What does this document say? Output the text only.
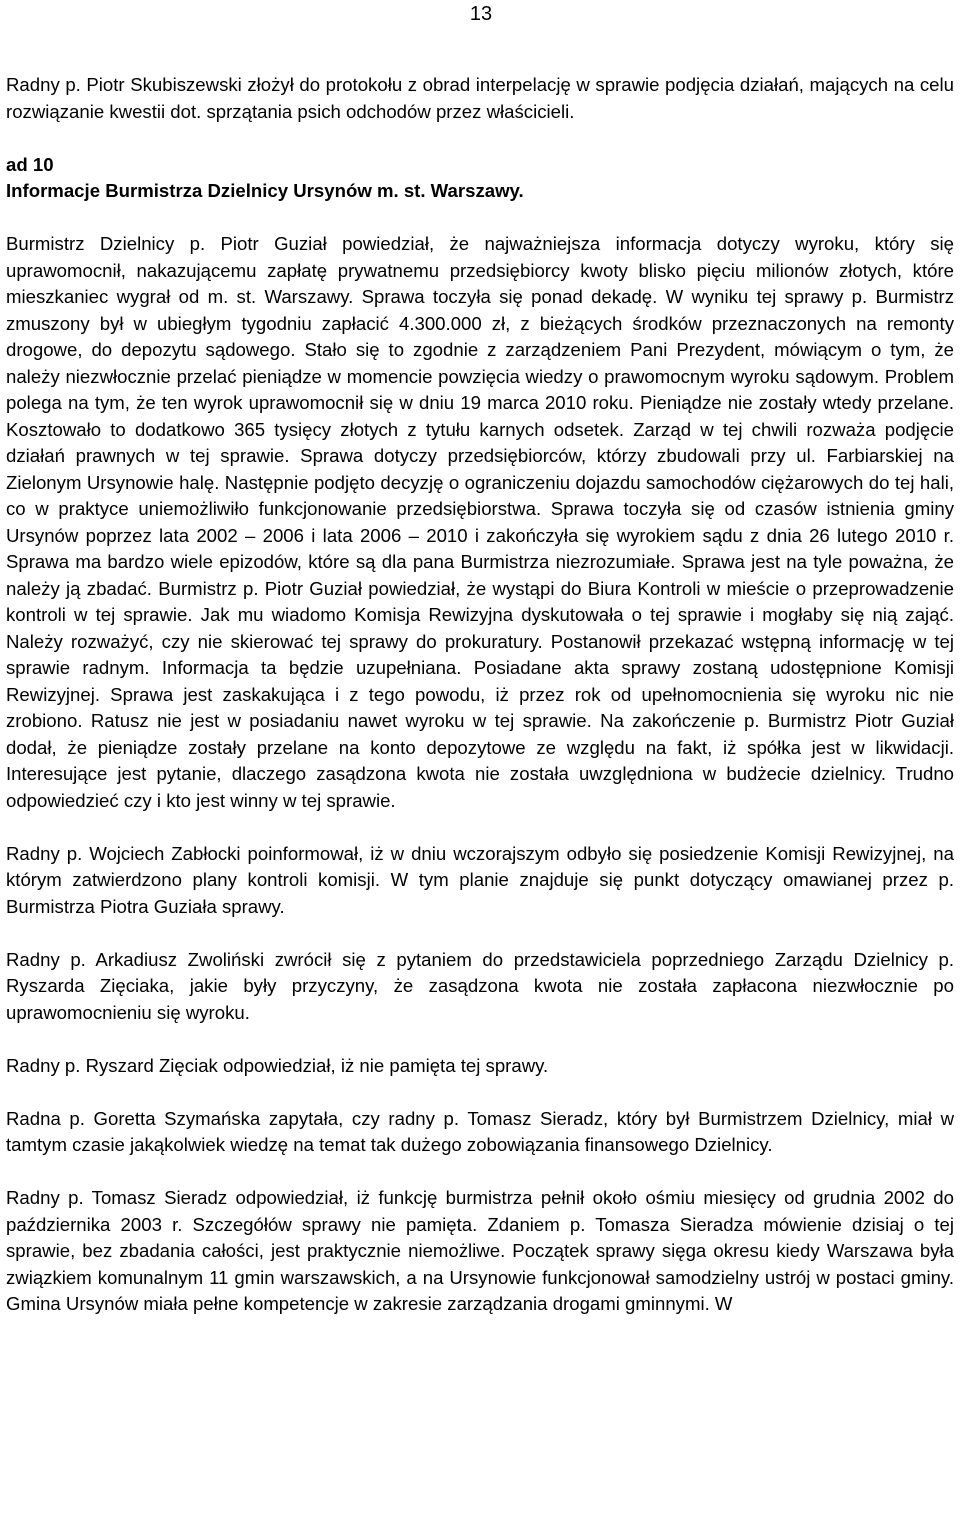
13

Radny p. Piotr Skubiszewski złożył do protokołu z obrad interpelację w sprawie podjęcia działań, mających na celu rozwiązanie kwestii dot. sprzątania psich odchodów przez właścicieli.

ad 10

Informacje Burmistrza Dzielnicy Ursynów m. st. Warszawy.

Burmistrz Dzielnicy p. Piotr Guział powiedział, że najważniejsza informacja dotyczy wyroku, który się uprawomocnił, nakazującemu zapłatę prywatnemu przedsiębiorcy kwoty blisko pięciu milionów złotych, które mieszkaniec wygrał od m. st. Warszawy. Sprawa toczyła się ponad dekadę. W wyniku tej sprawy p. Burmistrz zmuszony był w ubiegłym tygodniu zapłacić 4.300.000 zł, z bieżących środków przeznaczonych na remonty drogowe, do depozytu sądowego. Stało się to zgodnie z zarządzeniem Pani Prezydent, mówiącym o tym, że należy niezwłocznie przelać pieniądze w momencie powzięcia wiedzy o prawomocnym wyroku sądowym. Problem polega na tym, że ten wyrok uprawomocnił się w dniu 19 marca 2010 roku. Pieniądze nie zostały wtedy przelane. Kosztowało to dodatkowo 365 tysięcy złotych z tytułu karnych odsetek. Zarząd w tej chwili rozważa podjęcie działań prawnych w tej sprawie. Sprawa dotyczy przedsiębiorców, którzy zbudowali przy ul. Farbiarskiej na Zielonym Ursynowie halę. Następnie podjęto decyzję o ograniczeniu dojazdu samochodów ciężarowych do tej hali, co w praktyce uniemożliwiło funkcjonowanie przedsiębiorstwa. Sprawa toczyła się od czasów istnienia gminy Ursynów poprzez lata 2002 – 2006 i lata 2006 – 2010 i zakończyła się wyrokiem sądu z dnia 26 lutego 2010 r. Sprawa ma bardzo wiele epizodów, które są dla pana Burmistrza niezrozumiałe. Sprawa jest na tyle poważna, że należy ją zbadać. Burmistrz p. Piotr Guział powiedział, że wystąpi do Biura Kontroli w mieście o przeprowadzenie kontroli w tej sprawie. Jak mu wiadomo Komisja Rewizyjna dyskutowała o tej sprawie i mogłaby się nią zająć. Należy rozważyć, czy nie skierować tej sprawy do prokuratury. Postanowił przekazać wstępną informację w tej sprawie radnym. Informacja ta będzie uzupełniana. Posiadane akta sprawy zostaną udostępnione Komisji Rewizyjnej. Sprawa jest zaskakująca i z tego powodu, iż przez rok od upełnomocnienia się wyroku nic nie zrobiono. Ratusz nie jest w posiadaniu nawet wyroku w tej sprawie. Na zakończenie p. Burmistrz Piotr Guział dodał, że pieniądze zostały przelane na konto depozytowe ze względu na fakt, iż spółka jest w likwidacji. Interesujące jest pytanie, dlaczego zasądzona kwota nie została uwzględniona w budżecie dzielnicy. Trudno odpowiedzieć czy i kto jest winny w tej sprawie.

Radny p. Wojciech Zabłocki poinformował, iż w dniu wczorajszym odbyło się posiedzenie Komisji Rewizyjnej, na którym zatwierdzono plany kontroli komisji. W tym planie znajduje się punkt dotyczący omawianej przez p. Burmistrza Piotra Guziała sprawy.

Radny p. Arkadiusz Zwoliński zwrócił się z pytaniem do przedstawiciela poprzedniego Zarządu Dzielnicy p. Ryszarda Zięciaka, jakie były przyczyny, że zasądzona kwota nie została zapłacona niezwłocznie po uprawomocnieniu się wyroku.

Radny p. Ryszard Zięciak odpowiedział, iż nie pamięta tej sprawy.

Radna p. Goretta Szymańska zapytała, czy radny p. Tomasz Sieradz, który był Burmistrzem Dzielnicy, miał w tamtym czasie jakąkolwiek wiedzę na temat tak dużego zobowiązania finansowego Dzielnicy.

Radny p. Tomasz Sieradz odpowiedział, iż funkcję burmistrza pełnił około ośmiu miesięcy od grudnia 2002 do października 2003 r. Szczegółów sprawy nie pamięta. Zdaniem p. Tomasza Sieradza mówienie dzisiaj o tej sprawie, bez zbadania całości, jest praktycznie niemożliwe. Początek sprawy sięga okresu kiedy Warszawa była związkiem komunalnym 11 gmin warszawskich, a na Ursynowie funkcjonował samodzielny ustrój w postaci gminy. Gmina Ursynów miała pełne kompetencje w zakresie zarządzania drogami gminnymi. W
